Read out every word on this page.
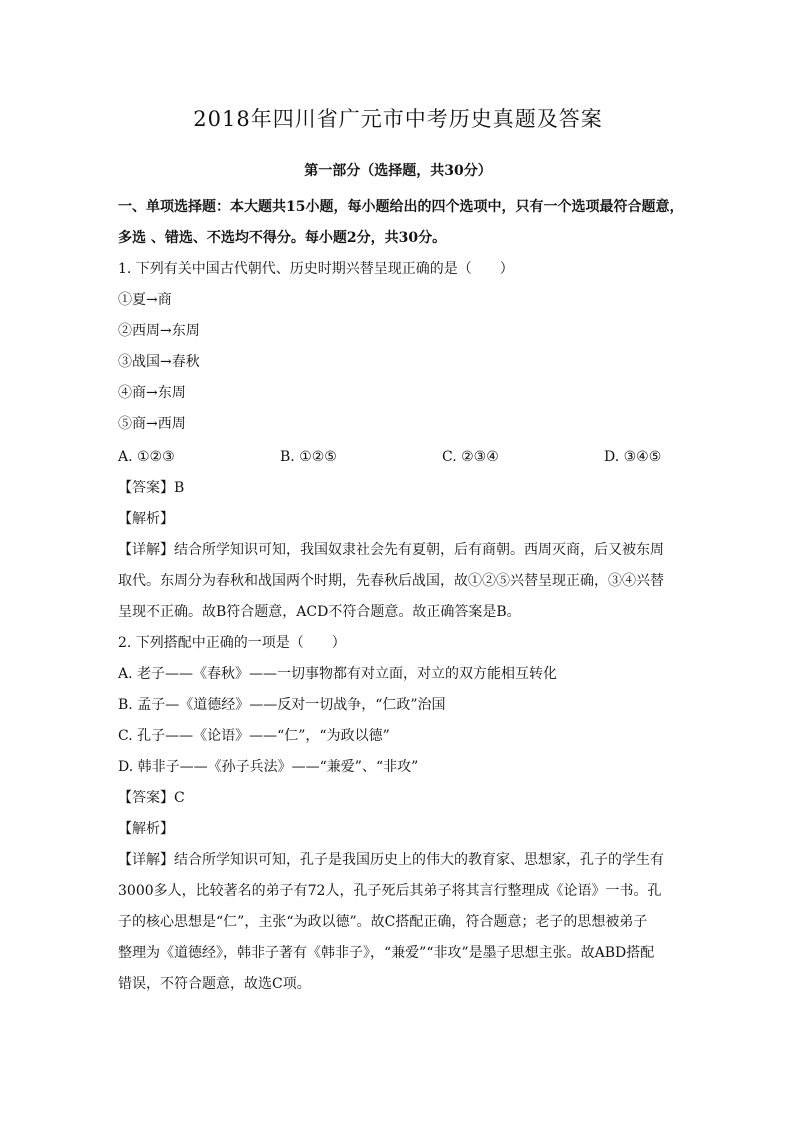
2018年四川省广元市中考历史真题及答案
第一部分（选择题，共30分）
一、单项选择题：本大题共15小题，每小题给出的四个选项中，只有一个选项最符合题意，
多选 、错选、不选均不得分。每小题2分，共30分。
1. 下列有关中国古代朝代、历史时期兴替呈现正确的是（　　）
①夏→商
②西周→东周
③战国→春秋
④商→东周
⑤商→西周
A. ①②③	B. ①②⑤	C. ②③④	D. ③④⑤
【答案】B
【解析】
【详解】结合所学知识可知，我国奴隶社会先有夏朝，后有商朝。西周灭商，后又被东周
取代。东周分为春秋和战国两个时期，先春秋后战国，故①②⑤兴替呈现正确，③④兴替
呈现不正确。故B符合题意，ACD不符合题意。故正确答案是B。
2. 下列搭配中正确的一项是（　　）
A. 老子——《春秋》——一切事物都有对立面，对立的双方能相互转化
B. 孟子—《道德经》——反对一切战争，“仁政”治国
C. 孔子——《论语》——“仁”，“为政以德”
D. 韩非子——《孙子兵法》——“兼爱”、“非攻”
【答案】C
【解析】
【详解】结合所学知识可知，孔子是我国历史上的伟大的教育家、思想家，孔子的学生有
3000多人，比较著名的弟子有72人，孔子死后其弟子将其言行整理成《论语》一书。孔
子的核心思想是“仁”，主张“为政以德”。故C搭配正确，符合题意；老子的思想被弟子
整理为《道德经》，韩非子著有《韩非子》，“兼爱”“非攻”是墨子思想主张。故ABD搭配
错误，不符合题意，故选C项。
